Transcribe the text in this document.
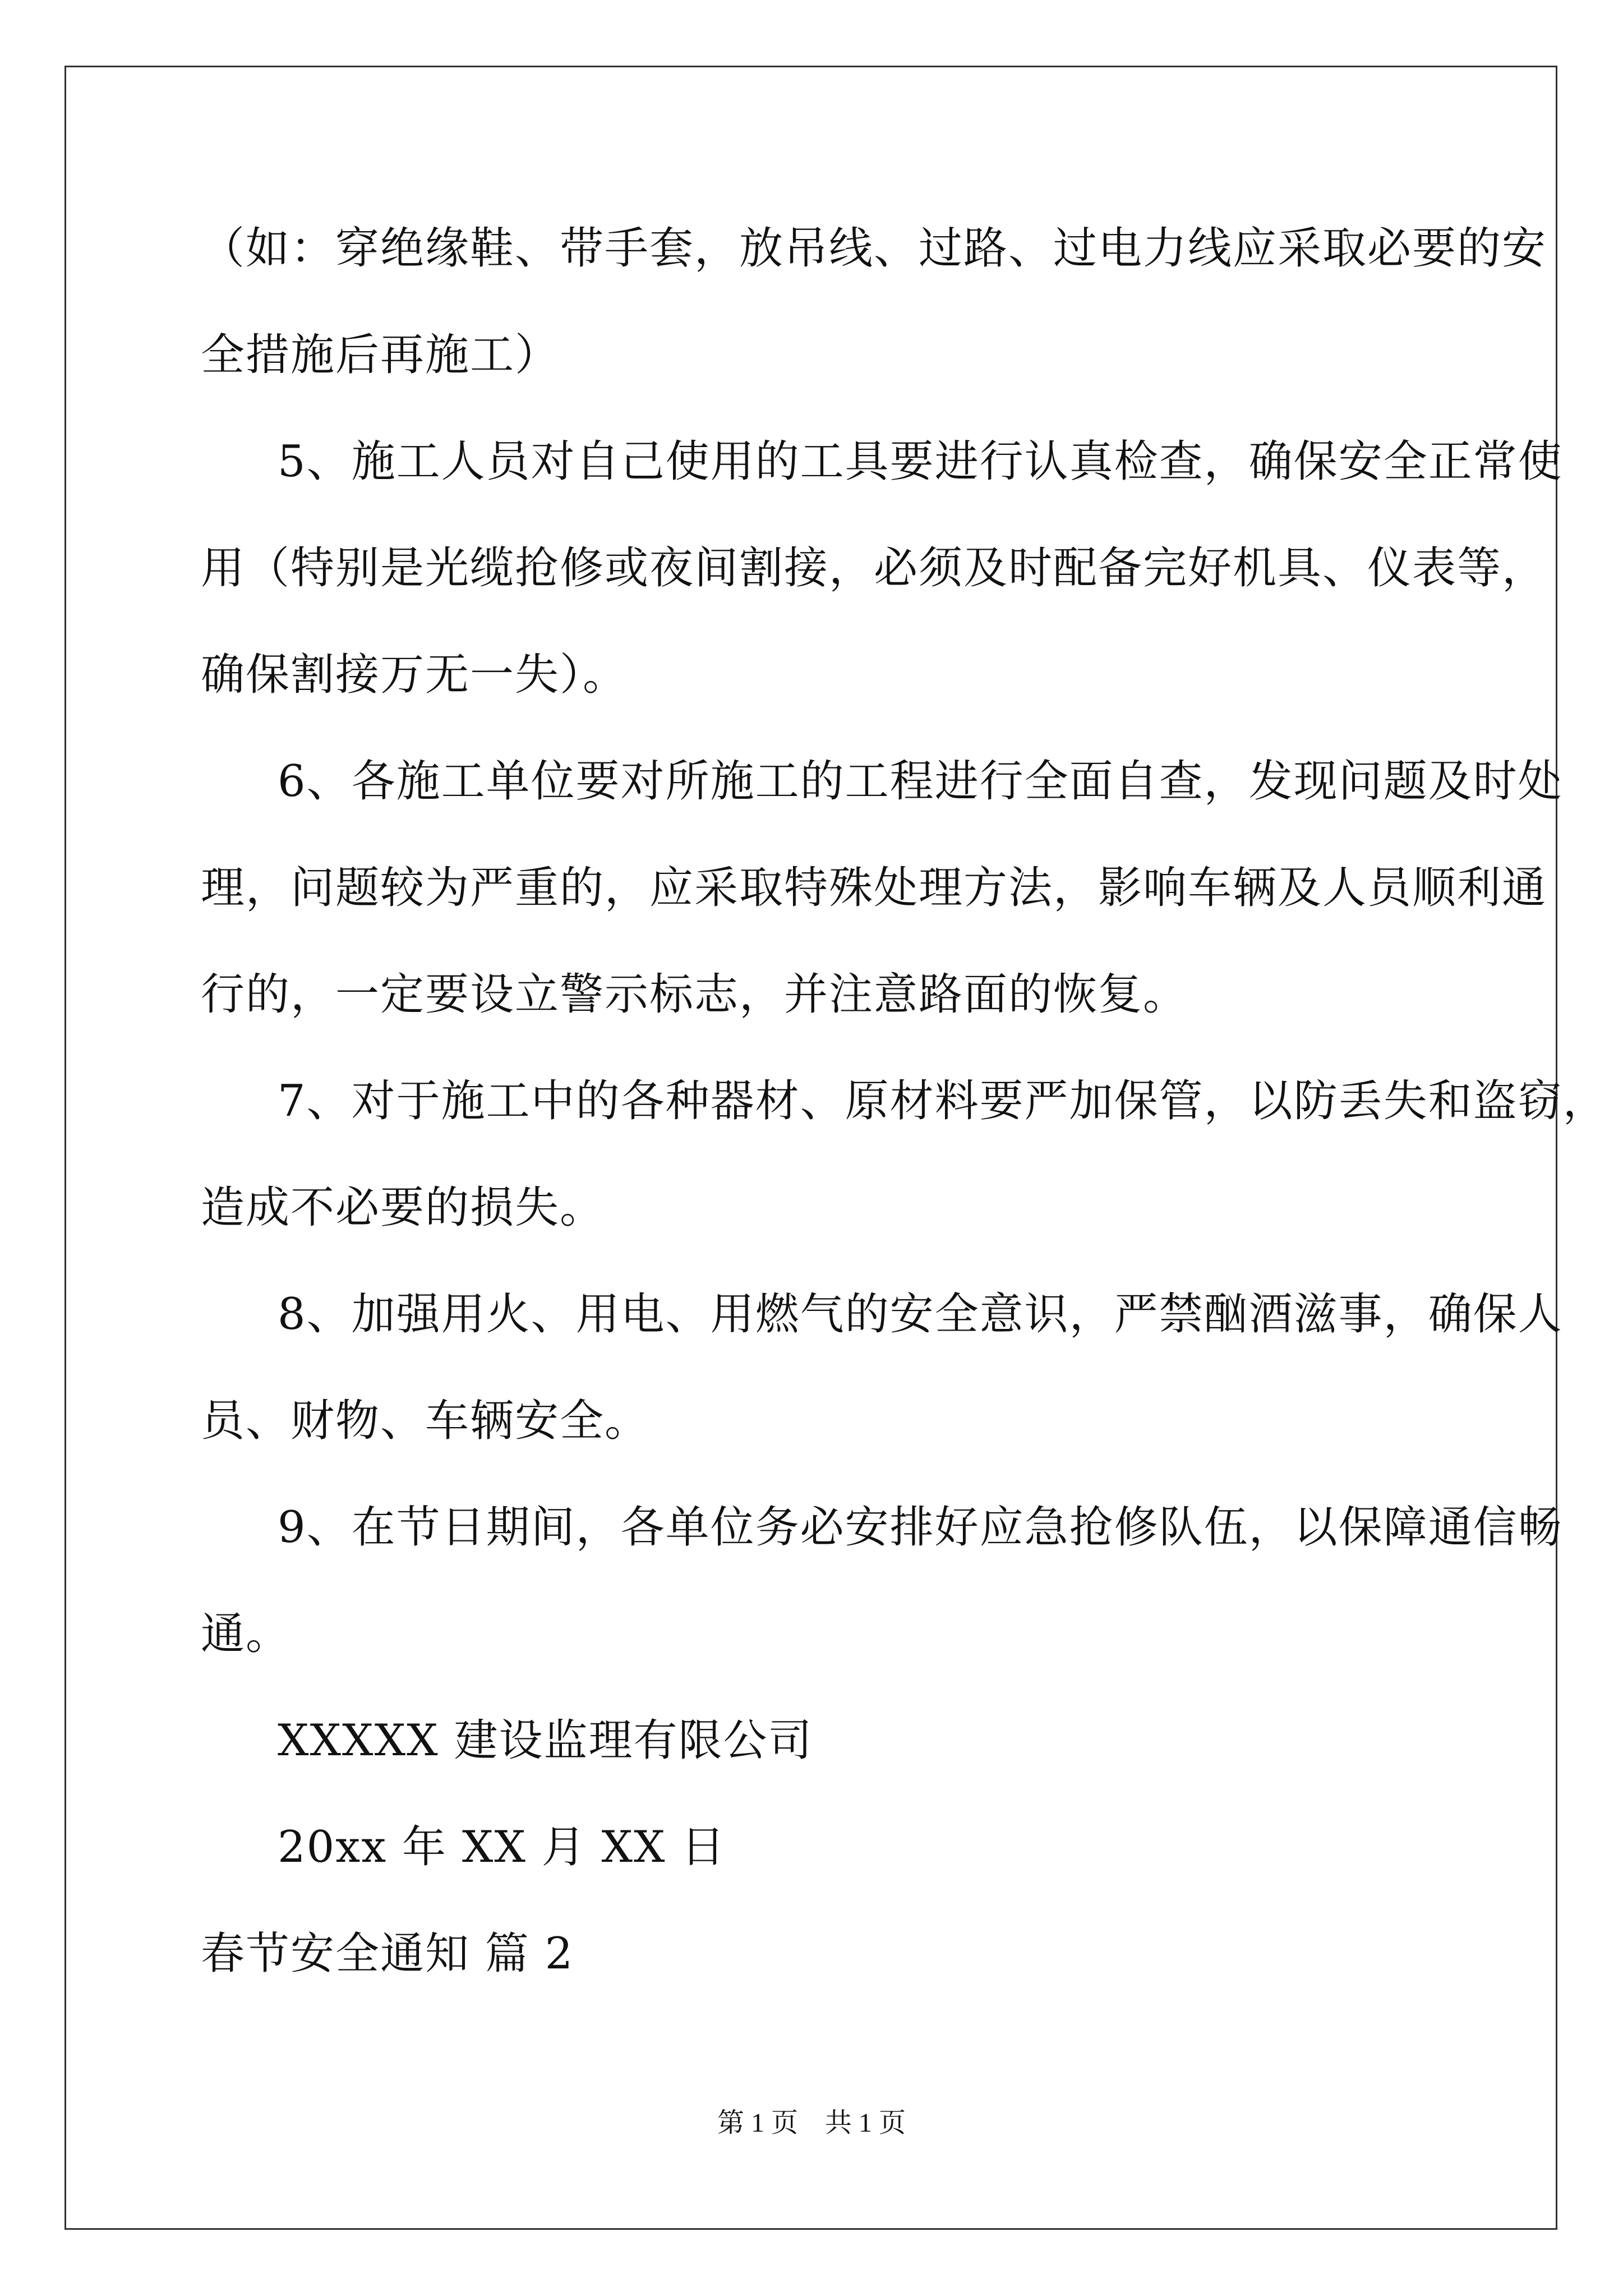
（如：穿绝缘鞋、带手套，放吊线、过路、过电力线应采取必要的安
全措施后再施工）
5、施工人员对自己使用的工具要进行认真检查，确保安全正常使
用（特别是光缆抢修或夜间割接，必须及时配备完好机具、仪表等，
确保割接万无一失）。
6、各施工单位要对所施工的工程进行全面自查，发现问题及时处
理，问题较为严重的，应采取特殊处理方法，影响车辆及人员顺利通
行的，一定要设立警示标志，并注意路面的恢复。
7、对于施工中的各种器材、原材料要严加保管，以防丢失和盗窃，
造成不必要的损失。
8、加强用火、用电、用燃气的安全意识，严禁酗酒滋事，确保人
员、财物、车辆安全。
9、在节日期间，各单位务必安排好应急抢修队伍，以保障通信畅
通。
XXXXX 建设监理有限公司
20xx 年 XX 月 XX 日
春节安全通知 篇 2
第 1 页    共 1 页
